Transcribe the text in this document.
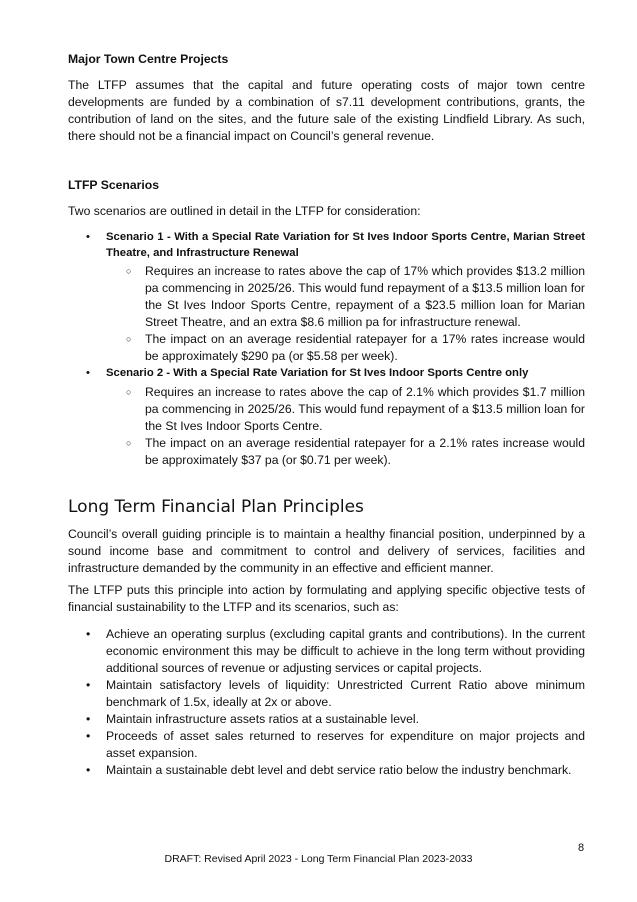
Major Town Centre Projects
The LTFP assumes that the capital and future operating costs of major town centre developments are funded by a combination of s7.11 development contributions, grants, the contribution of land on the sites, and the future sale of the existing Lindfield Library. As such, there should not be a financial impact on Council’s general revenue.
LTFP Scenarios
Two scenarios are outlined in detail in the LTFP for consideration:
• Scenario 1 - With a Special Rate Variation for St Ives Indoor Sports Centre, Marian Street Theatre, and Infrastructure Renewal
○ Requires an increase to rates above the cap of 17% which provides $13.2 million pa commencing in 2025/26. This would fund repayment of a $13.5 million loan for the St Ives Indoor Sports Centre, repayment of a $23.5 million loan for Marian Street Theatre, and an extra $8.6 million pa for infrastructure renewal.
○ The impact on an average residential ratepayer for a 17% rates increase would be approximately $290 pa (or $5.58 per week).
• Scenario 2 - With a Special Rate Variation for St Ives Indoor Sports Centre only
○ Requires an increase to rates above the cap of 2.1% which provides $1.7 million pa commencing in 2025/26. This would fund repayment of a $13.5 million loan for the St Ives Indoor Sports Centre.
○ The impact on an average residential ratepayer for a 2.1% rates increase would be approximately $37 pa (or $0.71 per week).
Long Term Financial Plan Principles
Council’s overall guiding principle is to maintain a healthy financial position, underpinned by a sound income base and commitment to control and delivery of services, facilities and infrastructure demanded by the community in an effective and efficient manner.
The LTFP puts this principle into action by formulating and applying specific objective tests of financial sustainability to the LTFP and its scenarios, such as:
• Achieve an operating surplus (excluding capital grants and contributions). In the current economic environment this may be difficult to achieve in the long term without providing additional sources of revenue or adjusting services or capital projects.
• Maintain satisfactory levels of liquidity: Unrestricted Current Ratio above minimum benchmark of 1.5x, ideally at 2x or above.
• Maintain infrastructure assets ratios at a sustainable level.
• Proceeds of asset sales returned to reserves for expenditure on major projects and asset expansion.
• Maintain a sustainable debt level and debt service ratio below the industry benchmark.
8
DRAFT: Revised April 2023 - Long Term Financial Plan 2023-2033
